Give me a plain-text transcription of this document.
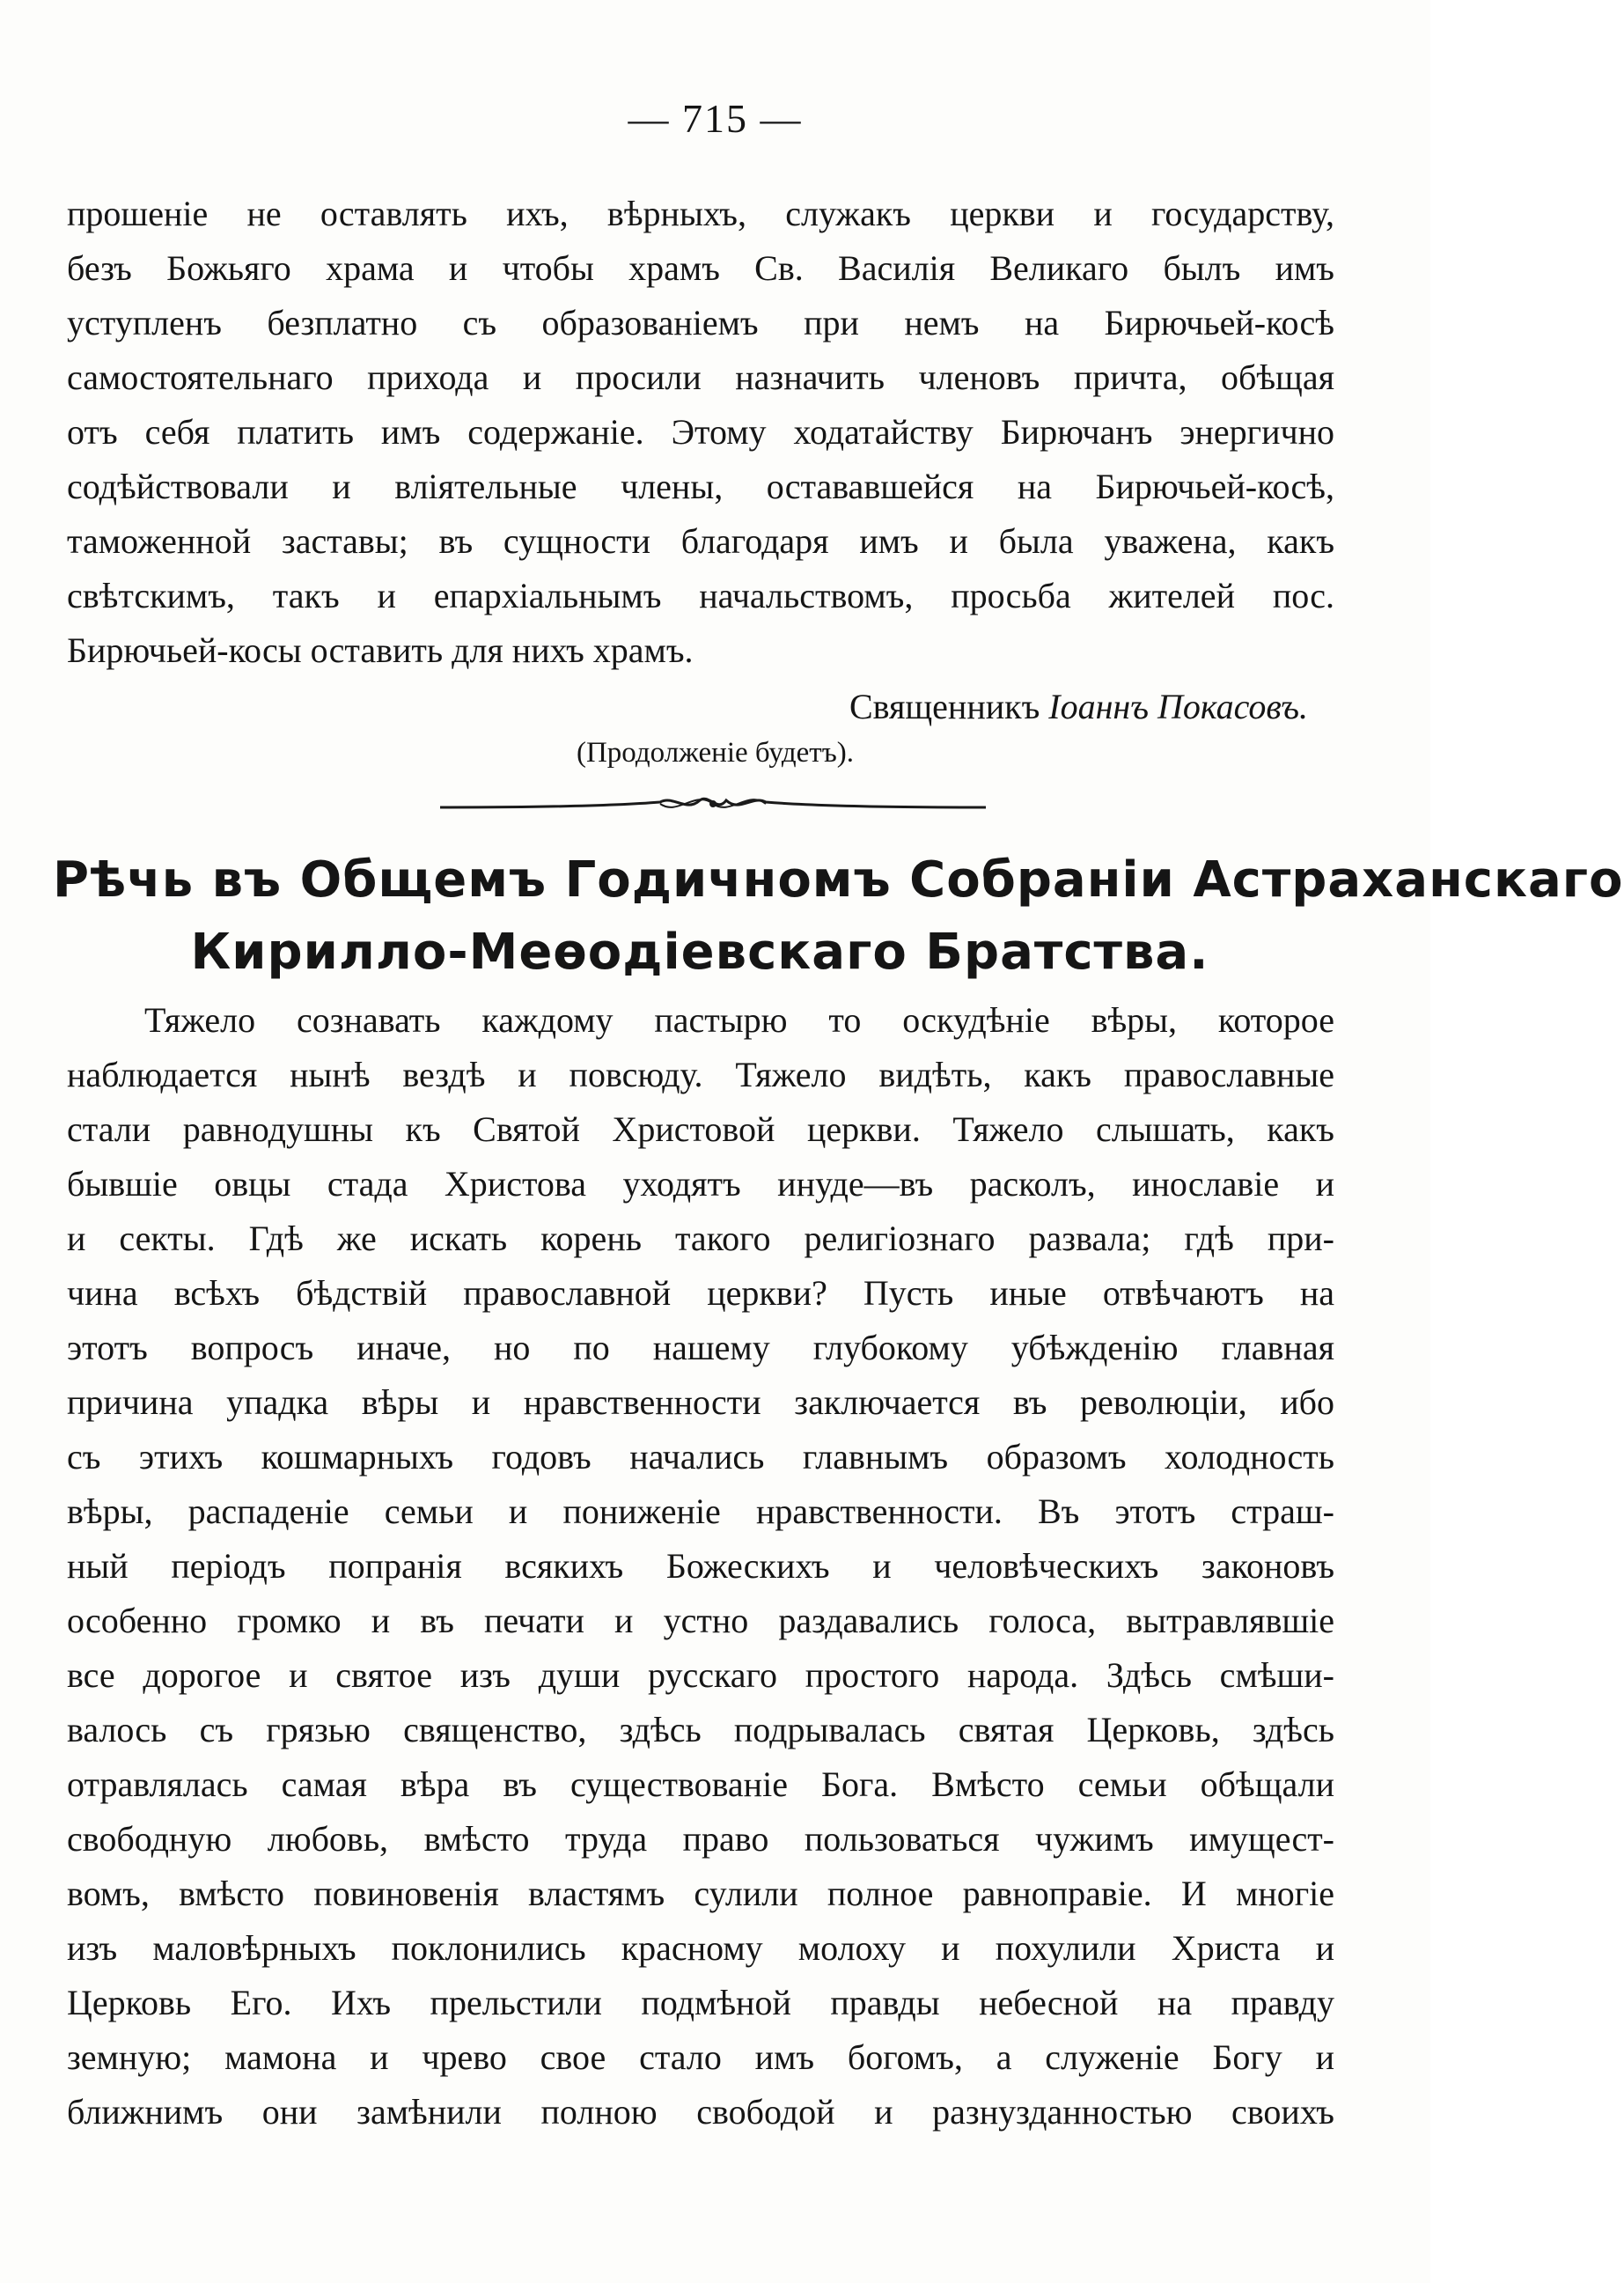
— 715 —
прошеніе не оставлять ихъ, вѣрныхъ, служакъ церкви и государству,
безъ Божьяго храма и чтобы храмъ Св. Василія Великаго былъ имъ
уступленъ безплатно съ образованіемъ при немъ на Бирючьей-косѣ
самостоятельнаго прихода и просили назначить членовъ причта, обѣщая
отъ себя платить имъ содержаніе. Этому ходатайству Бирючанъ энергично
содѣйствовали и вліятельные члены, остававшейся на Бирючьей-косѣ,
таможенной заставы; въ сущности благодаря имъ и была уважена, какъ
свѣтскимъ, такъ и епархіальнымъ начальствомъ, просьба жителей пос.
Бирючьей-косы оставить для нихъ храмъ.
Священникъ Іоаннъ Покасовъ.
(Продолженіе будетъ).
Рѣчь въ Общемъ Годичномъ Собраніи Астраханскаго
Кирилло-Меѳодіевскаго Братства.
Тяжело сознавать каждому пастырю то оскудѣніе вѣры, которое
наблюдается нынѣ вездѣ и повсюду. Тяжело видѣть, какъ православные
стали равнодушны къ Святой Христовой церкви. Тяжело слышать, какъ
бывшіе овцы стада Христова уходятъ инуде—въ расколъ, инославіе и
и секты. Гдѣ же искать корень такого религіознаго развала; гдѣ при-
чина всѣхъ бѣдствій православной церкви? Пусть иные отвѣчаютъ на
этотъ вопросъ иначе, но по нашему глубокому убѣжденію главная
причина упадка вѣры и нравственности заключается въ революціи, ибо
съ этихъ кошмарныхъ годовъ начались главнымъ образомъ холодность
вѣры, распаденіе семьи и пониженіе нравственности. Въ этотъ страш-
ный періодъ попранія всякихъ Божескихъ и человѣческихъ законовъ
особенно громко и въ печати и устно раздавались голоса, вытравлявшіе
все дорогое и святое изъ души русскаго простого народа. Здѣсь смѣши-
валось съ грязью священство, здѣсь подрывалась святая Церковь, здѣсь
отравлялась самая вѣра въ существованіе Бога. Вмѣсто семьи обѣщали
свободную любовь, вмѣсто труда право пользоваться чужимъ имущест-
вомъ, вмѣсто повиновенія властямъ сулили полное равноправіе. И многіе
изъ маловѣрныхъ поклонились красному молоху и похулили Христа и
Церковь Его. Ихъ прельстили подмѣной правды небесной на правду
земную; мамона и чрево свое стало имъ богомъ, а служеніе Богу и
ближнимъ они замѣнили полною свободой и разнузданностью своихъ
